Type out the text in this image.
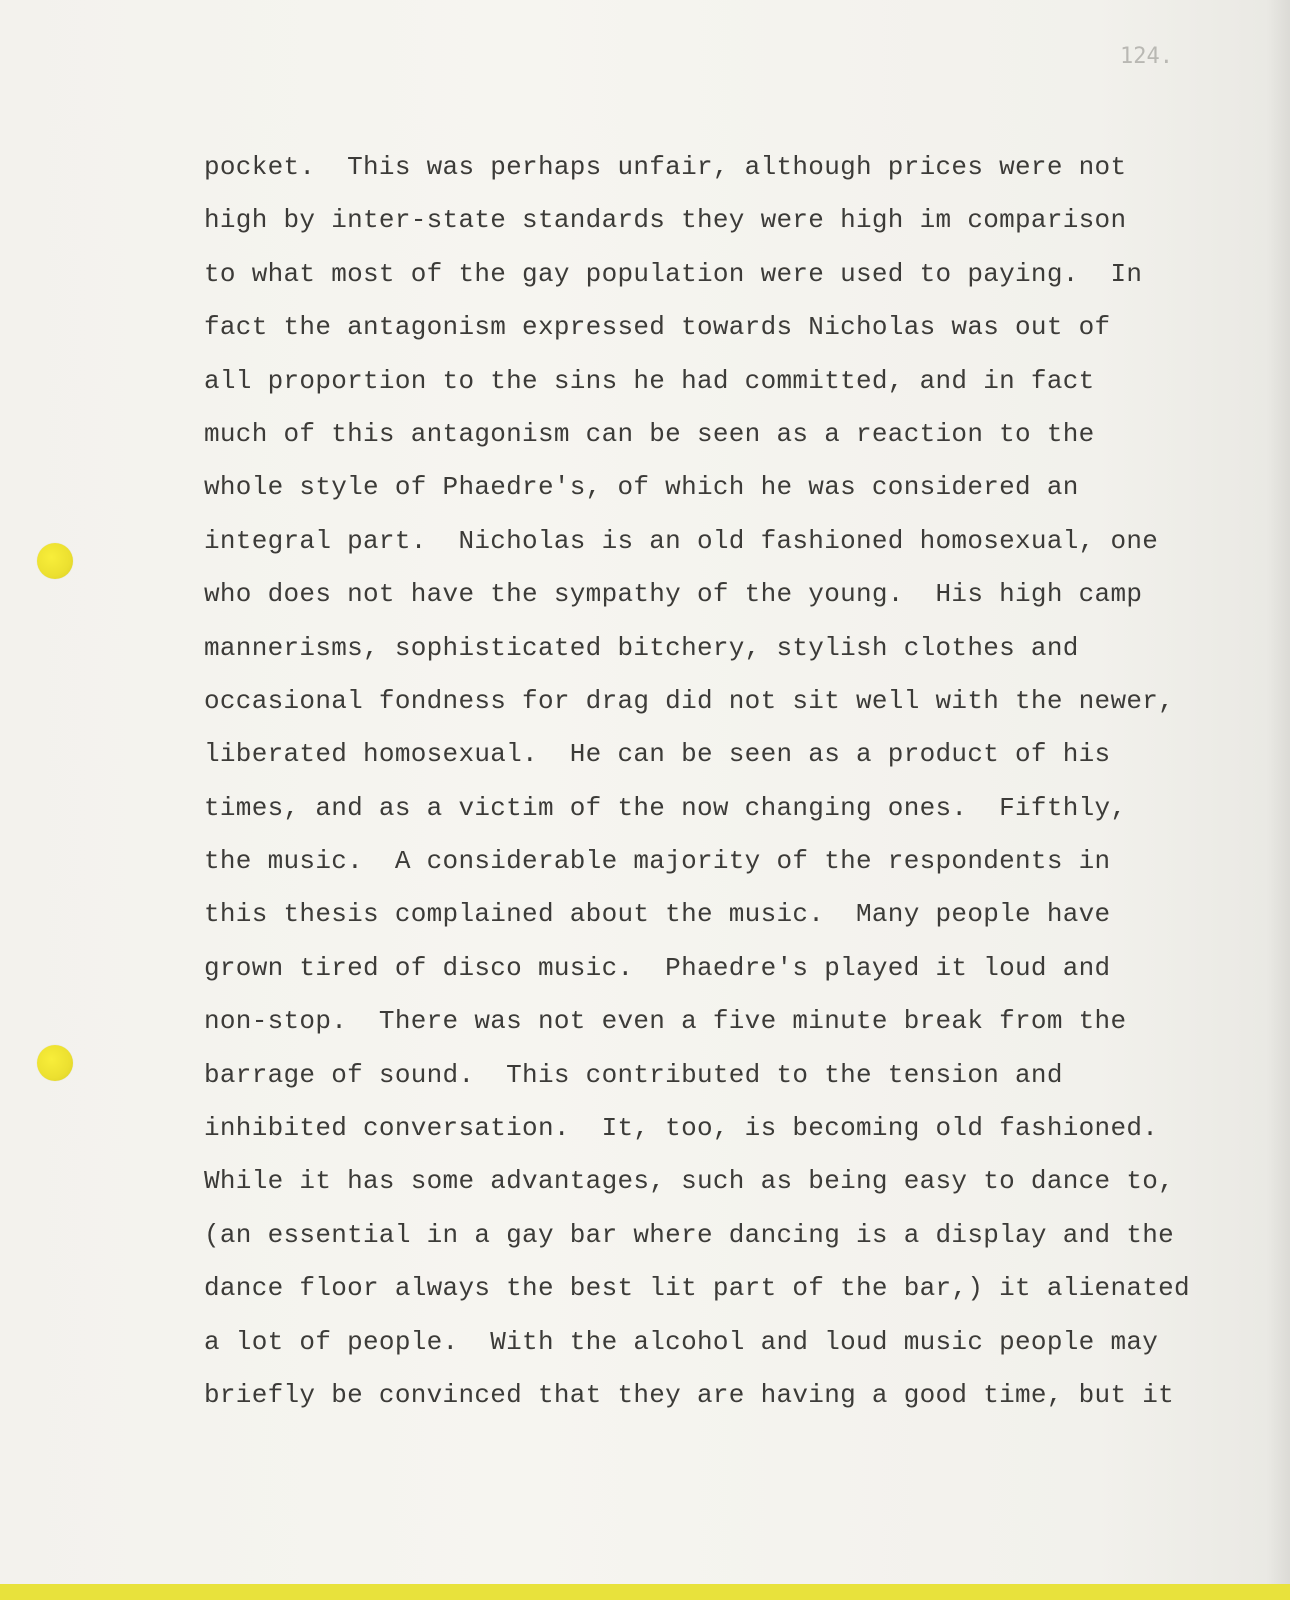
124.
pocket.  This was perhaps unfair, although prices were not
high by inter-state standards they were high im comparison
to what most of the gay population were used to paying.  In
fact the antagonism expressed towards Nicholas was out of
all proportion to the sins he had committed, and in fact
much of this antagonism can be seen as a reaction to the
whole style of Phaedre's, of which he was considered an
integral part.  Nicholas is an old fashioned homosexual, one
who does not have the sympathy of the young.  His high camp
mannerisms, sophisticated bitchery, stylish clothes and
occasional fondness for drag did not sit well with the newer,
liberated homosexual.  He can be seen as a product of his
times, and as a victim of the now changing ones.  Fifthly,
the music.  A considerable majority of the respondents in
this thesis complained about the music.  Many people have
grown tired of disco music.  Phaedre's played it loud and
non-stop.  There was not even a five minute break from the
barrage of sound.  This contributed to the tension and
inhibited conversation.  It, too, is becoming old fashioned.
While it has some advantages, such as being easy to dance to,
(an essential in a gay bar where dancing is a display and the
dance floor always the best lit part of the bar,) it alienated
a lot of people.  With the alcohol and loud music people may
briefly be convinced that they are having a good time, but it
